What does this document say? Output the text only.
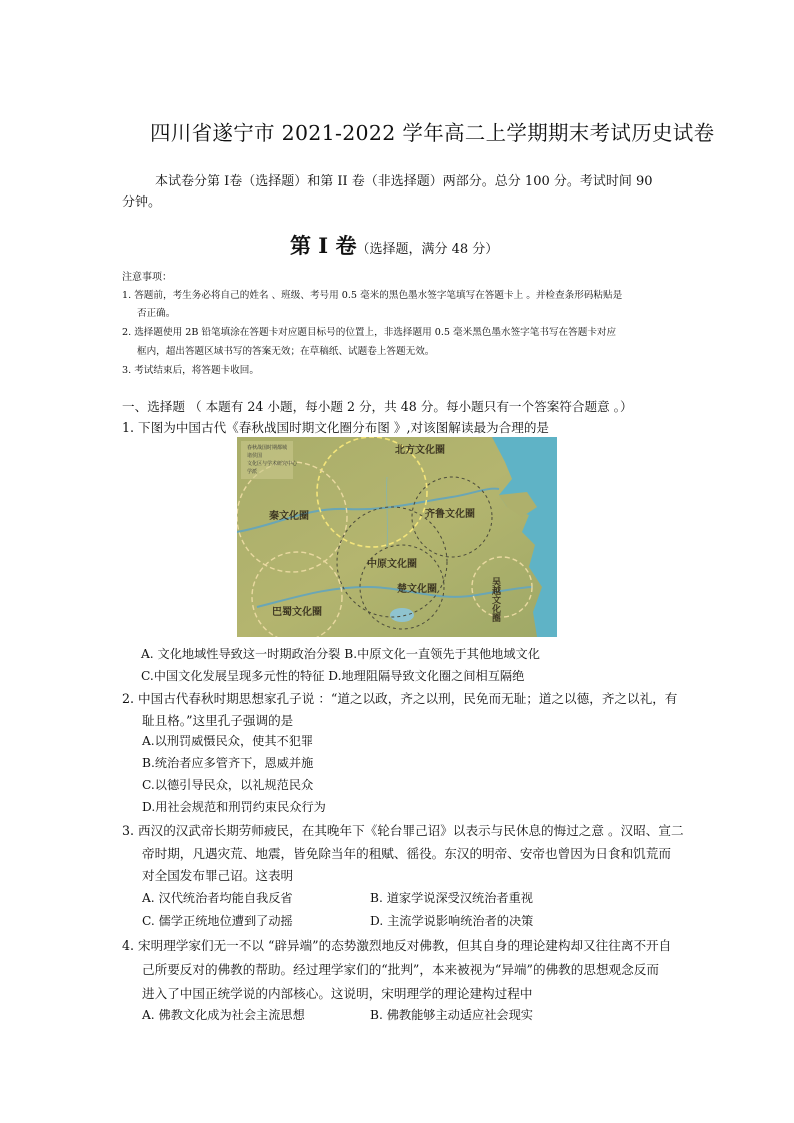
四川省遂宁市 2021-2022 学年高二上学期期末考试历史试卷
本试卷分第 I卷（选择题）和第 II 卷（非选择题）两部分。总分 100 分。考试时间 90
分钟。
第 Ⅰ 卷（选择题，满分 48 分）
注意事项：
1. 答题前，考生务必将自己的姓名 、班级、考号用 0.5 毫米的黑色墨水签字笔填写在答题卡上 。并检查条形码粘贴是
否正确。
2. 选择题使用 2B 铅笔填涂在答题卡对应题目标号的位置上，非选择题用 0.5 毫米黑色墨水签字笔书写在答题卡对应
框内，超出答题区域书写的答案无效；在草稿纸、试题卷上答题无效。
3. 考试结束后，将答题卡收回。
一、选择题 （ 本题有 24 小题，每小题 2 分，共 48 分。每小题只有一个答案符合题意 。）
1. 下图为中国古代《春秋战国时期文化圈分布图 》,对该图解读最为合理的是
春秋战国时期都城
诸侯国
文化区与学术研究中心
学派
北方文化圈
秦文化圈	齐鲁文化圈
中原文化圈
楚文化圈
巴蜀文化圈	吴越文化圈
A. 文化地域性导致这一时期政治分裂 B.中原文化一直领先于其他地域文化
C.中国文化发展呈现多元性的特征 D.地理阻隔导致文化圈之间相互隔绝
2. 中国古代春秋时期思想家孔子说 ：“道之以政，齐之以刑，民免而无耻；道之以德，齐之以礼，有
耻且格。”这里孔子强调的是
A.以刑罚威慑民众，使其不犯罪
B.统治者应多管齐下，恩威并施
C.以德引导民众，以礼规范民众
D.用社会规范和刑罚约束民众行为
3. 西汉的汉武帝长期劳师疲民，在其晚年下《轮台罪己诏》以表示与民休息的悔过之意 。汉昭、宣二
帝时期，凡遇灾荒、地震，皆免除当年的租赋、徭役。东汉的明帝、安帝也曾因为日食和饥荒而
对全国发布罪己诏。这表明
A. 汉代统治者均能自我反省	B. 道家学说深受汉统治者重视
C. 儒学正统地位遭到了动摇	D. 主流学说影响统治者的决策
4. 宋明理学家们无一不以 “辟异端”的态势激烈地反对佛教，但其自身的理论建构却又往往离不开自
己所要反对的佛教的帮助。经过理学家们的“批判”，本来被视为“异端”的佛教的思想观念反而
进入了中国正统学说的内部核心。这说明，宋明理学的理论建构过程中
A. 佛教文化成为社会主流思想	B. 佛教能够主动适应社会现实
